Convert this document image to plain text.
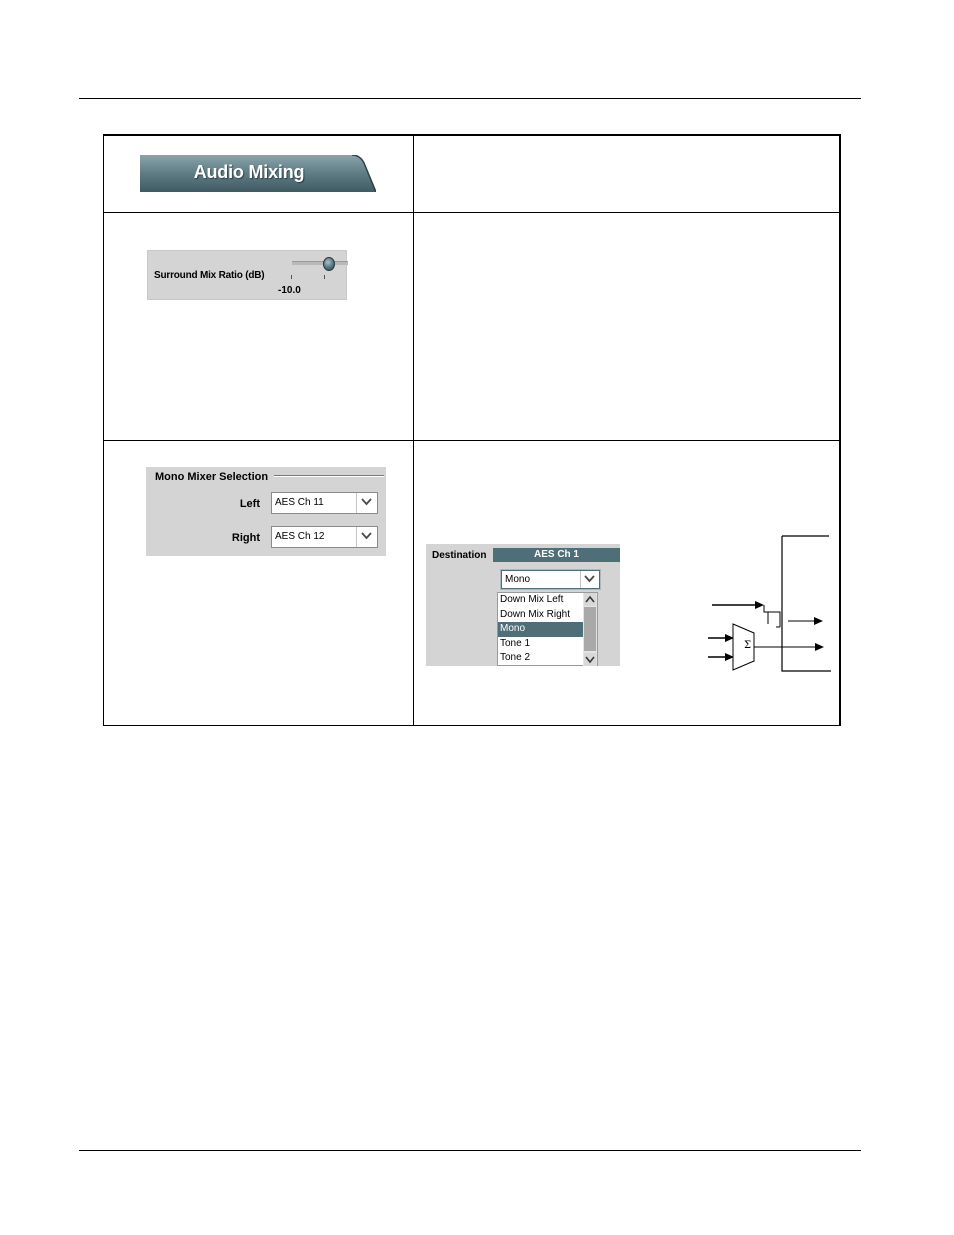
Audio Mixing
Surround Mix Ratio (dB)
-10.0
Mono Mixer Selection
Left AES Ch 11
Right AES Ch 12
Destination	AES Ch 1
Mono
Down Mix Left
Down Mix Right
Mono
Tone 1
Tone 2
Σ
